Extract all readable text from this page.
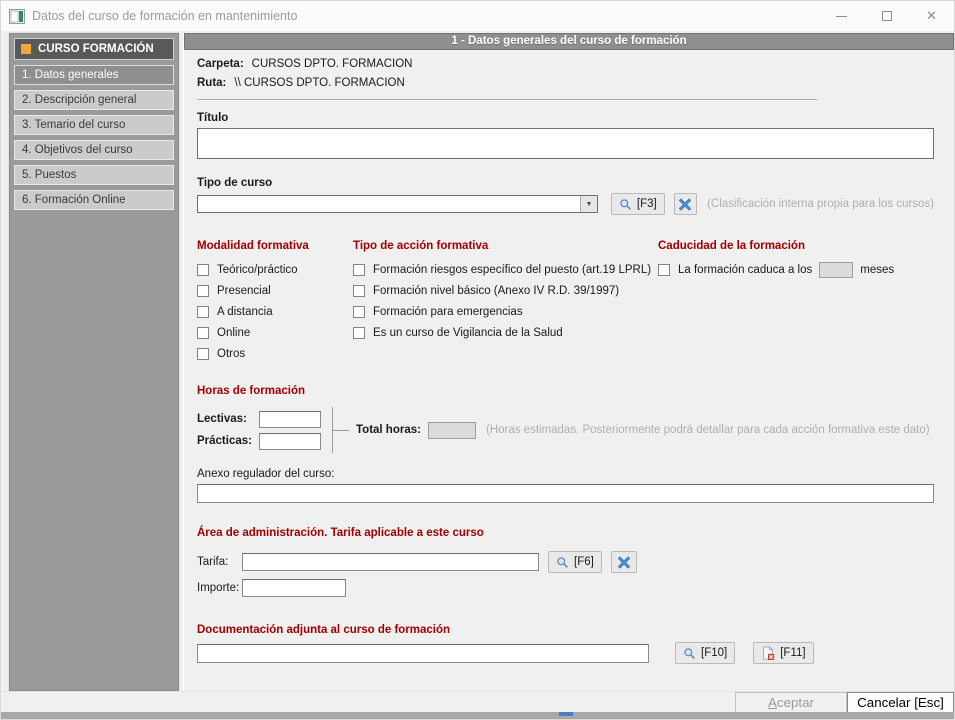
Datos del curso de formación en mantenimiento	✕
CURSO FORMACIÓN
1. Datos generales
2. Descripción general
3. Temario del curso
4. Objetivos del curso
5. Puestos
6. Formación Online
1 - Datos generales del curso de formación
Carpeta: CURSOS DPTO. FORMACION
Ruta: \\ CURSOS DPTO. FORMACION
Título
Tipo de curso
▼	[F3]	(Clasificación interna propia para los cursos)
Modalidad formativa
Teórico/práctico
Presencial
A distancia
Online
Otros
Tipo de acción formativa
Formación riesgos específico del puesto (art.19 LPRL)
Formación nivel básico (Anexo IV R.D. 39/1997)
Formación para emergencias
Es un curso de Vigilancia de la Salud
Caducidad de la formación
La formación caduca a los	meses
Horas de formación
Lectivas:
Prácticas:
Total horas:	(Horas estimadas. Posteriormente podrá detallar para cada acción formativa este dato)
Anexo regulador del curso:
Área de administración. Tarifa aplicable a este curso
Tarifa:	[F6]
Importe:
Documentación adjunta al curso de formación
[F10]	[F11]
Aceptar	Cancelar [Esc]
